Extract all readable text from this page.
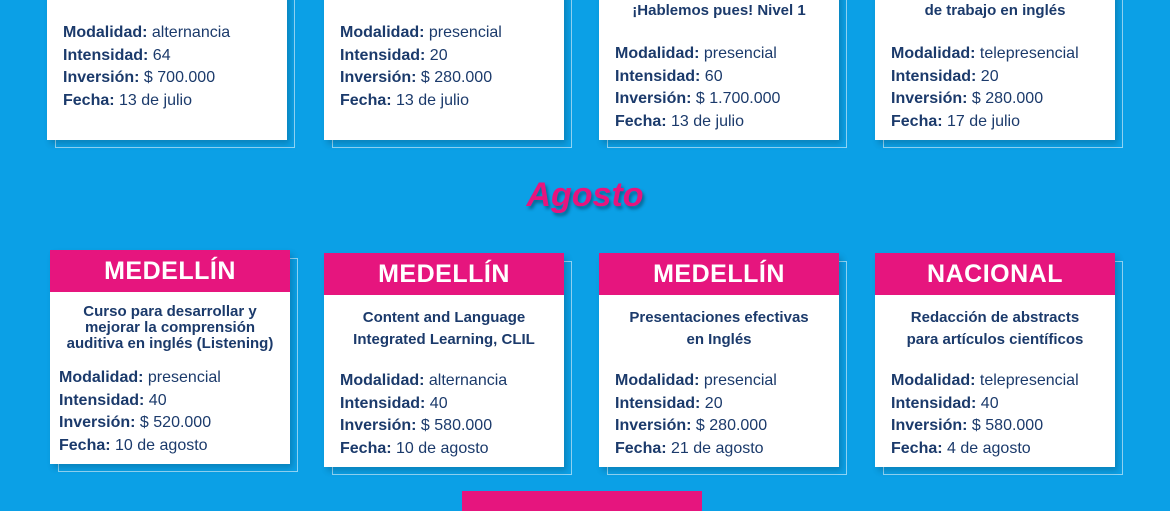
Modalidad: alternancia
Intensidad: 64
Inversión: $ 700.000
Fecha: 13 de julio
Modalidad: presencial
Intensidad: 20
Inversión: $ 280.000
Fecha: 13 de julio
¡Hablemos pues! Nivel 1
Modalidad: presencial
Intensidad: 60
Inversión: $ 1.700.000
Fecha: 13 de julio
de trabajo en inglés
Modalidad: telepresencial
Intensidad: 20
Inversión: $ 280.000
Fecha: 17 de julio
Agosto
MEDELLÍN
Curso para desarrollar y
mejorar la comprensión
auditiva en inglés (Listening)
Modalidad: presencial
Intensidad: 40
Inversión: $ 520.000
Fecha: 10 de agosto
MEDELLÍN
Content and Language
Integrated Learning, CLIL
Modalidad: alternancia
Intensidad: 40
Inversión: $ 580.000
Fecha: 10 de agosto
MEDELLÍN
Presentaciones efectivas
en Inglés
Modalidad: presencial
Intensidad: 20
Inversión: $ 280.000
Fecha: 21 de agosto
NACIONAL
Redacción de abstracts
para artículos científicos
Modalidad: telepresencial
Intensidad: 40
Inversión: $ 580.000
Fecha: 4 de agosto
